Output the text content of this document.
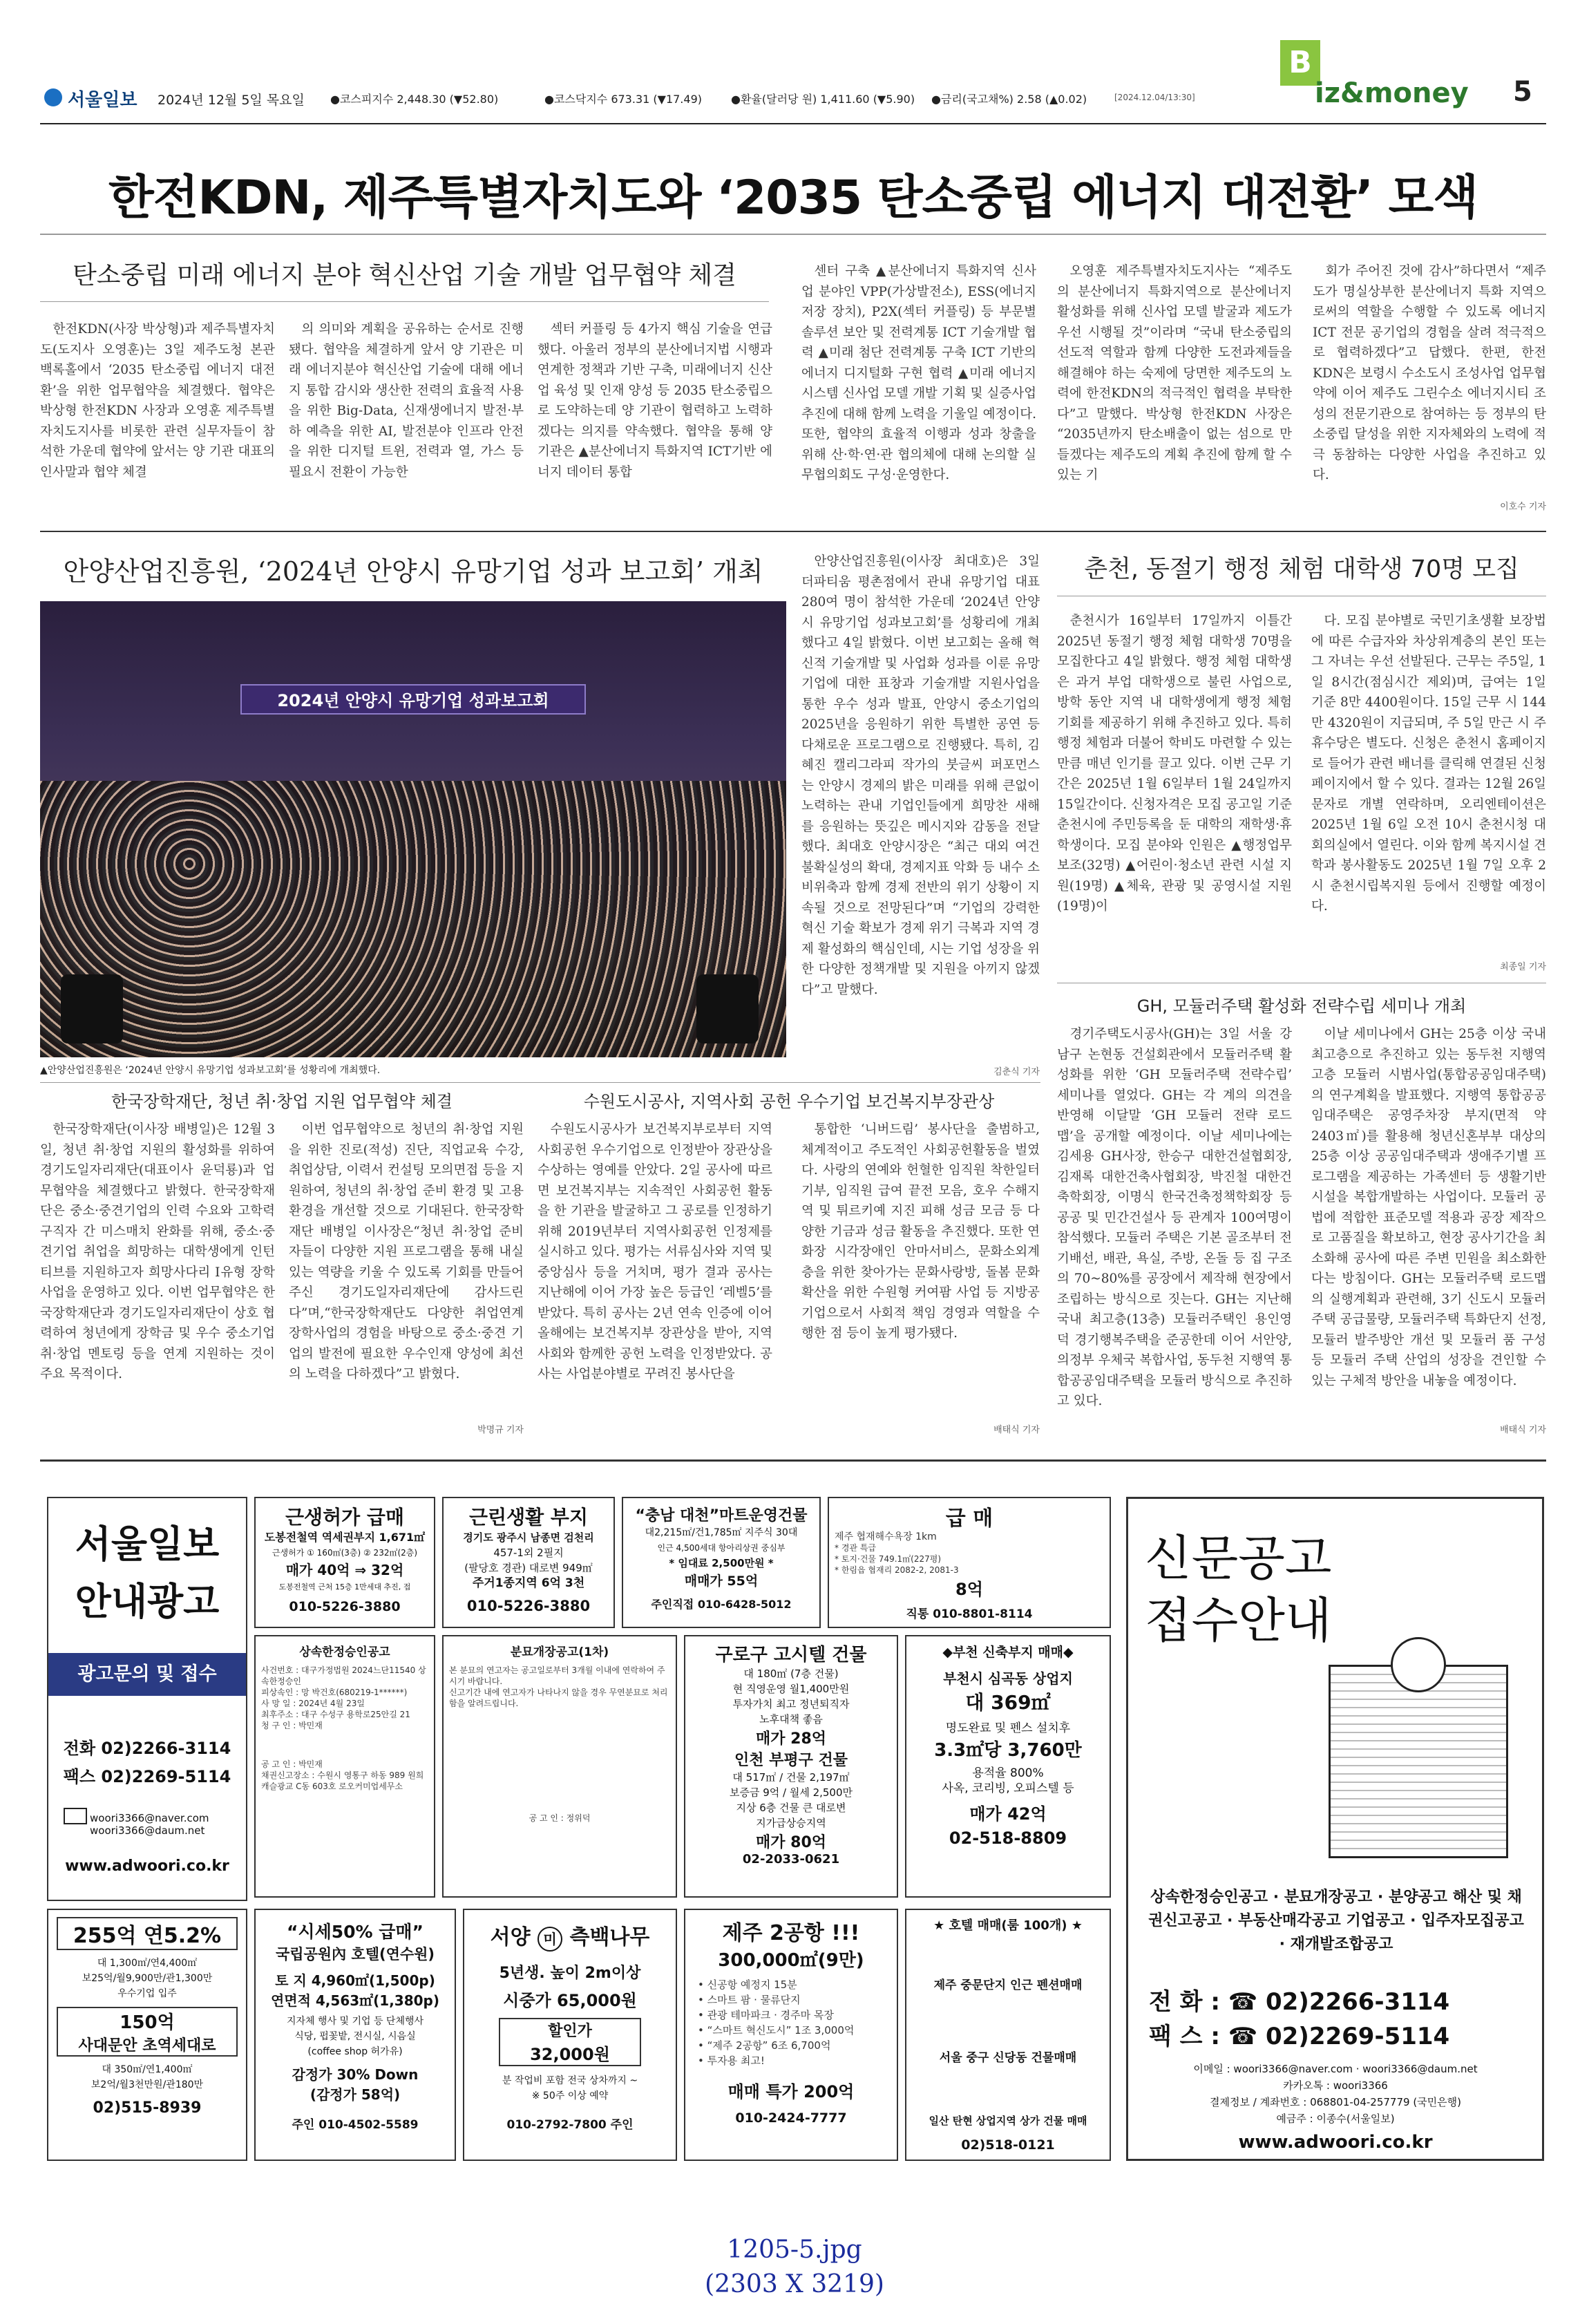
서울일보 2024년 12월 5일 목요일 ●코스피지수 2,448.30 (▼52.80)	●코스닥지수 673.31 (▼17.49)	●환율(달러당 원) 1,411.60 (▼5.90) ●금리(국고채%) 2.58 (▲0.02)	[2024.12.04/13:30]
B
iz&money 5
한전KDN, 제주특별자치도와 ‘2035 탄소중립 에너지 대전환’ 모색
탄소중립 미래 에너지 분야 혁신산업 기술 개발 업무협약 체결

한전KDN(사장 박상형)과 제주특별자치도(도지사 오영훈)는 3일 제주도청 본관 백록홀에서 ‘2035 탄소중립 에너지 대전환’을 위한 업무협약을 체결했다. 협약은 박상형 한전KDN 사장과 오영훈 제주특별자치도지사를 비롯한 관련 실무자들이 참석한 가운데 협약에 앞서는 양 기관 대표의 인사말과 협약 체결

의 의미와 계획을 공유하는 순서로 진행됐다. 협약을 체결하게 앞서 양 기관은 미래 에너지분야 혁신산업 기술에 대해 에너지 통합 감시와 생산한 전력의 효율적 사용을 위한 Big-Data, 신재생에너지 발전·부하 예측을 위한 AI, 발전분야 인프라 안전을 위한 디지털 트윈, 전력과 열, 가스 등 필요시 전환이 가능한

섹터 커플링 등 4가지 핵심 기술을 연급했다. 아울러 정부의 분산에너지법 시행과 연계한 정책과 기반 구축, 미래에너지 신산업 육성 및 인재 양성 등 2035 탄소중립으로 도약하는데 양 기관이 협력하고 노력하겠다는 의지를 약속했다. 협약을 통해 양 기관은 ▲분산에너지 특화지역 ICT기반 에너지 데이터 통합

센터 구축 ▲분산에너지 특화지역 신사업 분야인 VPP(가상발전소), ESS(에너지저장 장치), P2X(섹터 커플링) 등 부문별 솔루션 보안 및 전력계통 ICT 기술개발 협력 ▲미래 첨단 전력계통 구축 ICT 기반의 에너지 디지털화 구현 협력 ▲미래 에너지 시스템 신사업 모델 개발 기획 및 실증사업 추진에 대해 함께 노력을 기울일 예정이다. 또한, 협약의 효율적 이행과 성과 창출을 위해 산·학·연·관 협의체에 대해 논의할 실무협의회도 구성·운영한다.

오영훈 제주특별자치도지사는 “제주도의 분산에너지 특화지역으로 분산에너지 활성화를 위해 신사업 모델 발굴과 제도가 우선 시행될 것”이라며 “국내 탄소중립의 선도적 역할과 함께 다양한 도전과제들을 해결해야 하는 숙제에 당면한 제주도의 노력에 한전KDN의 적극적인 협력을 부탁한다”고 말했다. 박상형 한전KDN 사장은 “2035년까지 탄소배출이 없는 섬으로 만들겠다는 제주도의 계획 추진에 함께 할 수 있는 기

회가 주어진 것에 감사”하다면서 “제주도가 명실상부한 분산에너지 특화 지역으로써의 역할을 수행할 수 있도록 에너지ICT 전문 공기업의 경험을 살려 적극적으로 협력하겠다”고 답했다. 한편, 한전KDN은 보령시 수소도시 조성사업 업무협약에 이어 제주도 그린수소 에너지시티 조성의 전문기관으로 참여하는 등 정부의 탄소중립 달성을 위한 지자체와의 노력에 적극 동참하는 다양한 사업을 추진하고 있다.

이호수 기자
안양산업진흥원, ‘2024년 안양시 유망기업 성과 보고회’ 개최
2024년 안양시 유망기업 성과보고회
▲안양산업진흥원은 ‘2024년 안양시 유망기업 성과보고회’를 성황리에 개최했다.

안양산업진흥원(이사장 최대호)은 3일 더파티움 평촌점에서 관내 유망기업 대표 280여 명이 참석한 가운데 ‘2024년 안양시 유망기업 성과보고회’를 성황리에 개최했다고 4일 밝혔다. 이번 보고회는 올해 혁신적 기술개발 및 사업화 성과를 이룬 유망기업에 대한 표창과 기술개발 지원사업을 통한 우수 성과 발표, 안양시 중소기업의 2025년을 응원하기 위한 특별한 공연 등 다채로운 프로그램으로 진행됐다. 특히, 김혜진 캘리그라피 작가의 붓글씨 퍼포먼스는 안양시 경제의 밝은 미래를 위해 큰없이 노력하는 관내 기업인들에게 희망찬 새해를 응원하는 뜻깊은 메시지와 감동을 전달했다. 최대호 안양시장은 “최근 대외 여건 불확실성의 확대, 경제지표 악화 등 내수 소비위축과 함께 경제 전반의 위기 상황이 지속될 것으로 전망된다”며 “기업의 강력한 혁신 기술 확보가 경제 위기 극복과 지역 경제 활성화의 핵심인데, 시는 기업 성장을 위한 다양한 정책개발 및 지원을 아끼지 않겠다”고 말했다.

김춘식 기자
춘천, 동절기 행정 체험 대학생 70명 모집

춘천시가 16일부터 17일까지 이틀간 2025년 동절기 행정 체험 대학생 70명을 모집한다고 4일 밝혔다. 행정 체험 대학생은 과거 부업 대학생으로 불린 사업으로, 방학 동안 지역 내 대학생에게 행정 체험 기회를 제공하기 위해 추진하고 있다. 특히 행정 체험과 더불어 학비도 마련할 수 있는 만큼 매년 인기를 끌고 있다. 이번 근무 기간은 2025년 1월 6일부터 1월 24일까지 15일간이다. 신청자격은 모집 공고일 기준 춘천시에 주민등록을 둔 대학의 재학생·휴학생이다. 모집 분야와 인원은 ▲행정업무보조(32명) ▲어린이·청소년 관련 시설 지원(19명) ▲체육, 관광 및 공영시설 지원(19명)이

다. 모집 분야별로 국민기초생활 보장법에 따른 수급자와 차상위계층의 본인 또는 그 자녀는 우선 선발된다. 근무는 주5일, 1일 8시간(점심시간 제외)며, 급여는 1일 기준 8만 4400원이다. 15일 근무 시 144만 4320원이 지급되며, 주 5일 만근 시 주휴수당은 별도다. 신청은 춘천시 홈페이지로 들어가 관련 배너를 클릭해 연결된 신청페이지에서 할 수 있다. 결과는 12월 26일 문자로 개별 연락하며, 오리엔테이션은 2025년 1월 6일 오전 10시 춘천시청 대회의실에서 열린다. 이와 함께 복지시설 견학과 봉사활동도 2025년 1월 7일 오후 2시 춘천시립복지원 등에서 진행할 예정이다.

최종일 기자
GH, 모듈러주택 활성화 전략수립 세미나 개최

경기주택도시공사(GH)는 3일 서울 강남구 논현동 건설회관에서 모듈러주택 활성화를 위한 ‘GH 모듈러주택 전략수립’ 세미나를 열었다. GH는 각 계의 의견을 반영해 이달말 ‘GH 모듈러 전략 로드맵’을 공개할 예정이다. 이날 세미나에는 김세용 GH사장, 한승구 대한건설협회장, 김재록 대한건축사협회장, 박진철 대한건축학회장, 이명식 한국건축정책학회장 등 공공 및 민간건설사 등 관계자 100여명이 참석했다. 모듈러 주택은 기본 골조부터 전기배선, 배관, 욕실, 주방, 온돌 등 집 구조의 70~80%를 공장에서 제작해 현장에서 조립하는 방식으로 짓는다. GH는 지난해 국내 최고층(13층) 모듈러주택인 용인영덕 경기행복주택을 준공한데 이어 서안양, 의정부 우체국 복합사업, 동두천 지행역 통합공공임대주택을 모듈러 방식으로 추진하고 있다.

이날 세미나에서 GH는 25층 이상 국내 최고층으로 추진하고 있는 동두천 지행역 고층 모듈러 시범사업(통합공공임대주택)의 연구계획을 발표했다. 지행역 통합공공임대주택은 공영주차장 부지(면적 약 2403㎡)를 활용해 청년신혼부부 대상의 25층 이상 공공임대주택과 생애주기별 프로그램을 제공하는 가족센터 등 생활기반시설을 복합개발하는 사업이다. 모듈러 공법에 적합한 표준모델 적용과 공장 제작으로 고품질을 확보하고, 현장 공사기간을 최소화해 공사에 따른 주변 민원을 최소화한다는 방침이다. GH는 모듈러주택 로드맵의 실행계획과 관련해, 3기 신도시 모듈러주택 공급물량, 모듈러주택 특화단지 선정, 모듈러 발주방안 개선 및 모듈러 품 구성 등 모듈러 주택 산업의 성장을 견인할 수 있는 구체적 방안을 내놓을 예정이다.

배태식 기자
한국장학재단, 청년 취·창업 지원 업무협약 체결

한국장학재단(이사장 배병일)은 12월 3일, 청년 취·창업 지원의 활성화를 위하여 경기도일자리재단(대표이사 윤덕룡)과 업무협약을 체결했다고 밝혔다. 한국장학재단은 중소·중견기업의 인력 수요와 고학력 구직자 간 미스매치 완화를 위해, 중소·중견기업 취업을 희망하는 대학생에게 인턴티브를 지원하고자 희망사다리 Ⅰ유형 장학 사업을 운영하고 있다. 이번 업무협약은 한국장학재단과 경기도일자리재단이 상호 협력하여 청년에게 장학금 및 우수 중소기업 취·창업 멘토링 등을 연계 지원하는 것이 주요 목적이다.

이번 업무협약으로 청년의 취·창업 지원을 위한 진로(적성) 진단, 직업교육 수강, 취업상담, 이력서 컨설팅 모의면접 등을 지원하여, 청년의 취·창업 준비 환경 및 고용환경을 개선할 것으로 기대된다. 한국장학재단 배병일 이사장은“청년 취·창업 준비자들이 다양한 지원 프로그램을 통해 내실 있는 역량을 키울 수 있도록 기회를 만들어 주신 경기도일자리재단에 감사드린다”며,“한국장학재단도 다양한 취업연계 장학사업의 경험을 바탕으로 중소·중견 기업의 발전에 필요한 우수인재 양성에 최선의 노력을 다하겠다”고 밝혔다.

박명규 기자
수원도시공사, 지역사회 공헌 우수기업 보건복지부장관상

수원도시공사가 보건복지부로부터 지역사회공헌 우수기업으로 인정받아 장관상을 수상하는 영예를 안았다. 2일 공사에 따르면 보건복지부는 지속적인 사회공헌 활동을 한 기관을 발굴하고 그 공로를 인정하기 위해 2019년부터 지역사회공헌 인정제를 실시하고 있다. 평가는 서류심사와 지역 및 중앙심사 등을 거치며, 평가 결과 공사는 지난해에 이어 가장 높은 등급인 ‘레벨5’를 받았다. 특히 공사는 2년 연속 인증에 이어 올해에는 보건복지부 장관상을 받아, 지역사회와 함께한 공헌 노력을 인정받았다. 공사는 사업분야별로 꾸려진 봉사단을

통합한 ‘니버드림’ 봉사단을 출범하고, 체계적이고 주도적인 사회공헌활동을 벌였다. 사랑의 연예와 헌혈한 임직원 착한일터 기부, 임직원 급여 끝전 모음, 호우 수해지역 및 튀르키예 지진 피해 성금 모금 등 다양한 기금과 성금 활동을 추진했다. 또한 연화장 시각장애인 안마서비스, 문화소외계층을 위한 찾아가는 문화사랑방, 돌봄 문화 확산을 위한 수원형 커여팜 사업 등 지방공기업으로서 사회적 책임 경영과 역할을 수행한 점 등이 높게 평가됐다.

배태식 기자
서울일보
안내광고
광고문의 및 접수
전화 02)2266-3114
팩스 02)2269-5114
woori3366@naver.com
woori3366@daum.net
www.adwoori.co.kr
근생허가 급매
도봉전철역 역세권부지 1,671㎡
근생허가 ① 160㎡(3층) ② 232㎡(2층)
매가 40억 ⇒ 32억
도봉전철역 근처 15층 1만세대 추진, 접
010-5226-3880
근린생활 부지
경기도 광주시 남종면 검천리
457-1외 2필지
(팔당호 경관) 대로변 949㎡
주거1종지역 6억 3천
010-5226-3880
“충남 대천”마트운영건물
대2,215㎡/건1,785㎡ 지주식 30대
인근 4,500세대 항아리상권 중심부
* 임대료 2,500만원 *
매매가 55억
주인직접 010-6428-5012
급 매
제주 협재해수욕장 1km
* 경관 특급
* 토지·건물 749.1㎡(227평)
* 한림읍 협재리 2082-2, 2081-3
8억
직통 010-8801-8114
상속한정승인공고
사건번호 : 대구가정법원 2024느단11540 상속한정승인
피상속인 : 망 박건호(680219-1******)
사 망 일 : 2024년 4월 23일
최후주소 : 대구 수성구 용학로25안길 21
청 구 인 : 박민재
공 고 인 : 박민재
채권신고장소 : 수원시 영통구 하동 989 원희캐슬광교 C동 603호 로오커미업세무소
분묘개장공고(1차)
본 분묘의 연고자는 공고일로부터 3개월 이내에 연락하여 주시기 바랍니다.
신고기간 내에 연고자가 나타나지 않을 경우 무연분묘로 처리함을 알려드립니다.
공 고 인 : 정위덕
구로구 고시텔 건물
대 180㎡ (7층 건물)
현 직영운영 월1,400만원
투자가치 최고 정년퇴직자
노후대책 좋음
매가 28억
인천 부평구 건물
대 517㎡ / 건물 2,197㎡
보증금 9억 / 월세 2,500만
지상 6층 건물 큰 대로변
지가급상승지역
매가 80억
02-2033-0621
◆부천 신축부지 매매◆
부천시 심곡동 상업지
대 369㎡
명도완료 및 펜스 설치후
3.3㎡당 3,760만
용적율 800%
사옥, 코리빙, 오피스텔 등
매가 42억
02-518-8809
255억 연5.2%
대 1,300㎡/연4,400㎡
보25억/월9,900만/관1,300만
우수기업 입주
150억
사대문안 초역세대로
대 350㎡/연1,400㎡
보2억/월3천만원/관180만
02)515-8939
“시세50% 급매”
국립공원內 호텔(연수원)
토 지 4,960㎡(1,500p)
연면적 4,563㎡(1,380p)
지자체 행사 및 기업 등 단체행사
식당, 펍꽃밭, 전시실, 시음실
(coffee shop 허가유)
감정가 30% Down
(감정가 58억)
주인 010-4502-5589
서양 미 측백나무
5년생. 높이 2m이상
시중가 65,000원
할인가
32,000원
분 작업비 포함 전국 상차까지 ~
※ 50주 이상 예약
010-2792-7800 주인
제주 2공항 !!!
300,000㎡(9만)
• 신공항 예정지 15분
• 스마트 팜 · 물류단지
• 관광 테마파크 · 경주마 목장
• “스마트 혁신도시” 1조 3,000억
• “제주 2공항” 6조 6,700억
• 투자용 최고!
매매 특가 200억
010-2424-7777
★ 호텔 매매(룸 100개) ★
제주 중문단지 인근 펜션매매
서울 중구 신당동 건물매매
일산 탄현 상업지역 상가 건물 매매
02)518-0121
신문공고
접수안내
상속한정승인공고 · 분묘개장공고 · 분양공고 해산 및 채권신고공고 · 부동산매각공고 기업공고 · 입주자모집공고 · 재개발조합공고
전 화 : ☎ 02)2266-3114
팩 스 : ☎ 02)2269-5114
이메일 : woori3366@naver.com · woori3366@daum.net
카카오톡 : woori3366
결제정보 / 계좌번호 : 068801-04-257779 (국민은행)
예금주 : 이종수(서울일보)
www.adwoori.co.kr
1205-5.jpg
(2303 X 3219)
